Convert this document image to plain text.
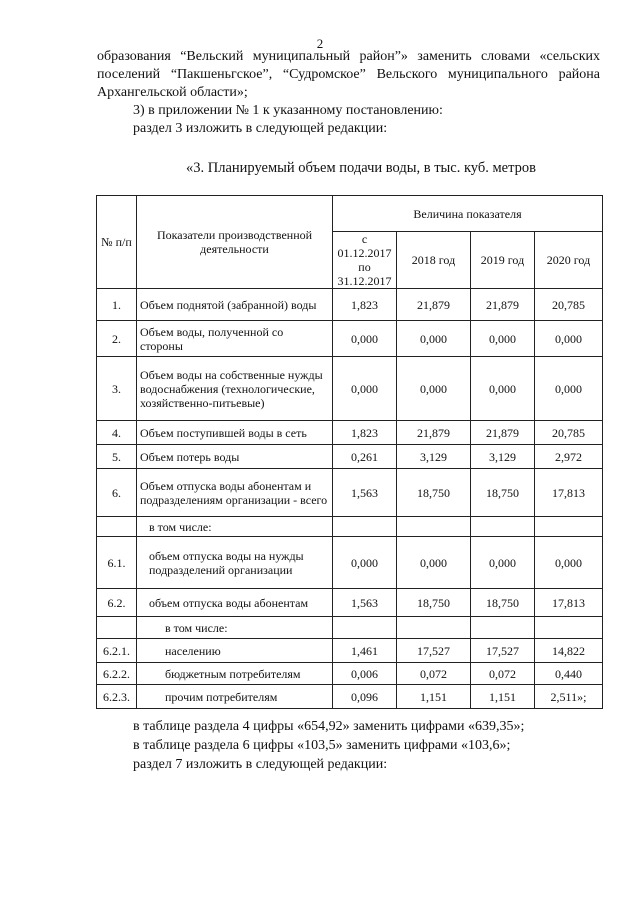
2
образования “Вельский муниципальный район”» заменить словами «сельских
поселений “Пакшеньгское”, “Судромское” Вельского муниципального района
Архангельской области»;
3) в приложении № 1 к указанному постановлению:
раздел 3 изложить в следующей редакции:
«3. Планируемый объем подачи воды, в тыс. куб. метров
№ п/п	Показатели производственной деятельности	Величина показателя			
		с 01.12.2017 по 31.12.2017	2018 год	2019 год	2020 год
1.	Объем поднятой (забранной) воды	1,823	21,879	21,879	20,785
2.	Объем воды, полученной со стороны	0,000	0,000	0,000	0,000
3.	Объем воды на собственные нужды водоснабжения (технологические, хозяйственно-питьевые)	0,000	0,000	0,000	0,000
4.	Объем поступившей воды в сеть	1,823	21,879	21,879	20,785
5.	Объем потерь воды	0,261	3,129	3,129	2,972
6.	Объем отпуска воды абонентам и подразделениям организации - всего	1,563	18,750	18,750	17,813
	в том числе:				
6.1.	объем отпуска воды на нужды подразделений организации	0,000	0,000	0,000	0,000
6.2.	объем отпуска воды абонентам	1,563	18,750	18,750	17,813
	в том числе:				
6.2.1.	населению	1,461	17,527	17,527	14,822
6.2.2.	бюджетным потребителям	0,006	0,072	0,072	0,440
6.2.3.	прочим потребителям	0,096	1,151	1,151	2,511»;
в таблице раздела 4 цифры «654,92» заменить цифрами «639,35»;
в таблице раздела 6 цифры «103,5» заменить цифрами «103,6»;
раздел 7 изложить в следующей редакции:
